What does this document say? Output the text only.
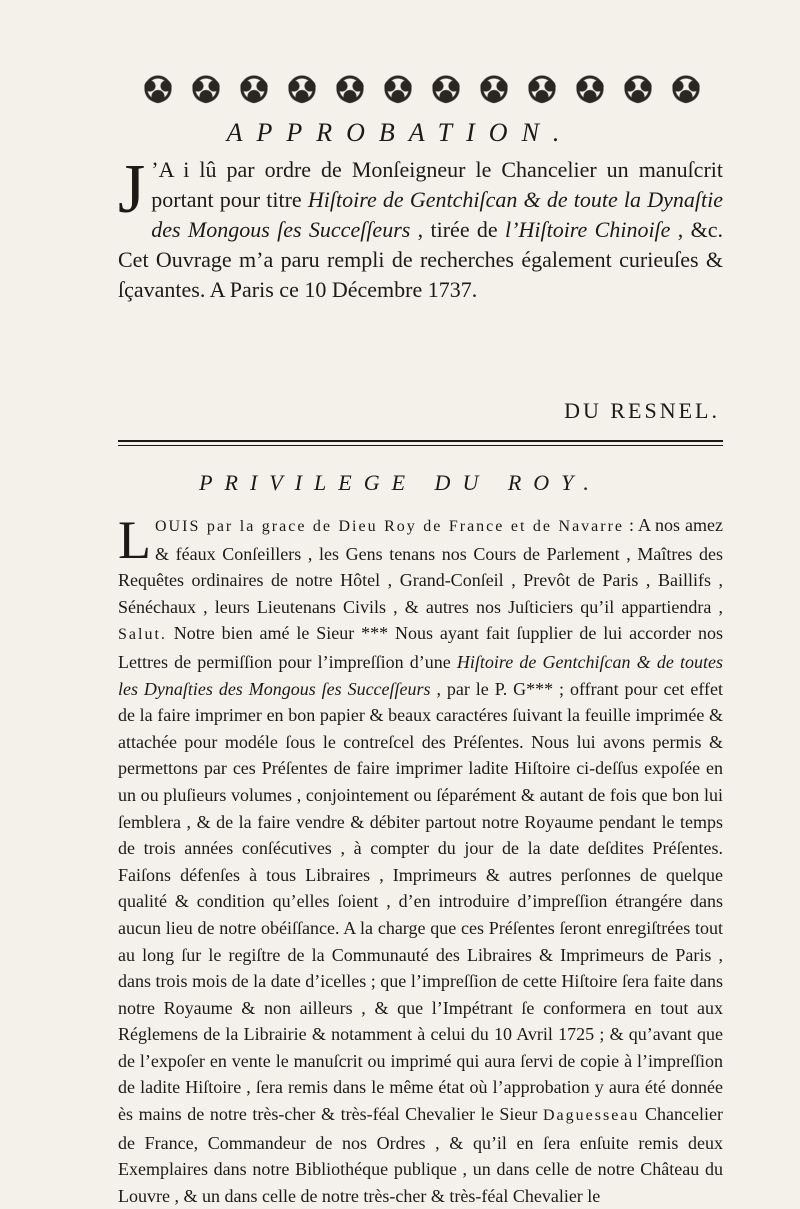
APPROBATION.
J ’A i lû par ordre de Monſeigneur le Chancelier un manuſcrit portant pour titre Hiſtoire de Gentchiſcan & de toute la Dynaſtie des Mongous ſes Succeſſeurs , tirée de l’Hiſtoire Chinoiſe , &c. Cet Ouvrage m’a paru rempli de recherches également curieuſes & ſçavantes. A Paris ce 10 Décembre 1737.
DU RESNEL.
PRIVILEGE DU ROY.
LOUIS par la grace de Dieu Roy de France et de Navarre : A nos amez & féaux Conſeillers , les Gens tenans nos Cours de Parlement , Maîtres des Requêtes ordinaires de notre Hôtel , Grand-Conſeil , Prevôt de Paris , Baillifs , Sénéchaux , leurs Lieutenans Civils , & autres nos Juſticiers qu’il appartiendra , Salut. Notre bien amé le Sieur *** Nous ayant fait ſupplier de lui accorder nos Lettres de permiſſion pour l’impreſſion d’une Hiſtoire de Gentchiſcan & de toutes les Dynaſties des Mongous ſes Succeſſeurs , par le P. G*** ; offrant pour cet effet de la faire imprimer en bon papier & beaux caractéres ſuivant la feuille imprimée & attachée pour modéle ſous le contreſcel des Préſentes. Nous lui avons permis & permettons par ces Préſentes de faire imprimer ladite Hiſtoire ci-deſſus expoſée en un ou pluſieurs volumes , conjointement ou ſéparément & autant de fois que bon lui ſemblera , & de la faire vendre & débiter partout notre Royaume pendant le temps de trois années conſécutives , à compter du jour de la date deſdites Préſentes. Faiſons défenſes à tous Libraires , Imprimeurs & autres perſonnes de quelque qualité & condition qu’elles ſoient , d’en introduire d’impreſſion étrangére dans aucun lieu de notre obéiſſance. A la charge que ces Préſentes ſeront enregiſtrées tout au long ſur le regiſtre de la Communauté des Libraires & Imprimeurs de Paris , dans trois mois de la date d’icelles ; que l’impreſſion de cette Hiſtoire ſera faite dans notre Royaume & non ailleurs , & que l’Impétrant ſe conformera en tout aux Réglemens de la Librairie & notamment à celui du 10 Avril 1725 ; & qu’avant que de l’expoſer en vente le manuſcrit ou imprimé qui aura ſervi de copie à l’impreſſion de ladite Hiſtoire , ſera remis dans le même état où l’approbation y aura été donnée ès mains de notre très-cher & très-féal Chevalier le Sieur Daguesseau Chancelier de France, Commandeur de nos Ordres , & qu’il en ſera enſuite remis deux Exemplaires dans notre Bibliothéque publique , un dans celle de notre Château du Louvre , & un dans celle de notre très-cher & très-féal Chevalier le
